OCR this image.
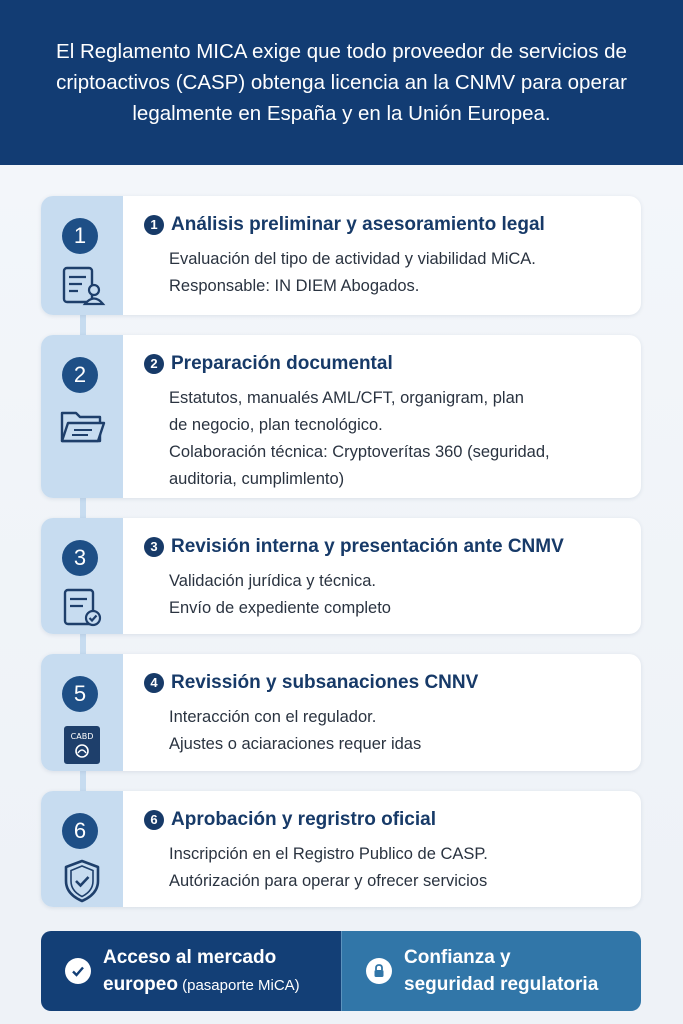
El Reglamento MICA exige que todo proveedor de servicios de criptoactivos (CASP) obtenga licencia an la CNMV para operar legalmente en España y en la Unión Europea.
1	1 Análisis preliminar y asesoramiento legal
Evaluación del tipo de actividad y viabilidad MiCA.
Responsable: IN DIEM Abogados.
2	2 Preparación documental
Estatutos, manualés AML/CFT, organigram, plan
de negocio, plan tecnológico.
Colaboración técnica: Cryptoverítas 360 (seguridad,
auditoria, cumplimlento)
3	3 Revisión interna y presentación ante CNMV
Validación jurídica y técnica.
Envío de expediente completo
5
CABD
4 Revissión y subsanaciones CNNV
Interacción con el regulador.
Ajustes o aciaraciones requer idas
6	6 Aprobación y regristro oficial
Inscripción en el Registro Publico de CASP.
Autórización para operar y ofrecer servicios
Acceso al mercado
europeo (pasaporte MiCA)
Confianza y
seguridad regulatoria
